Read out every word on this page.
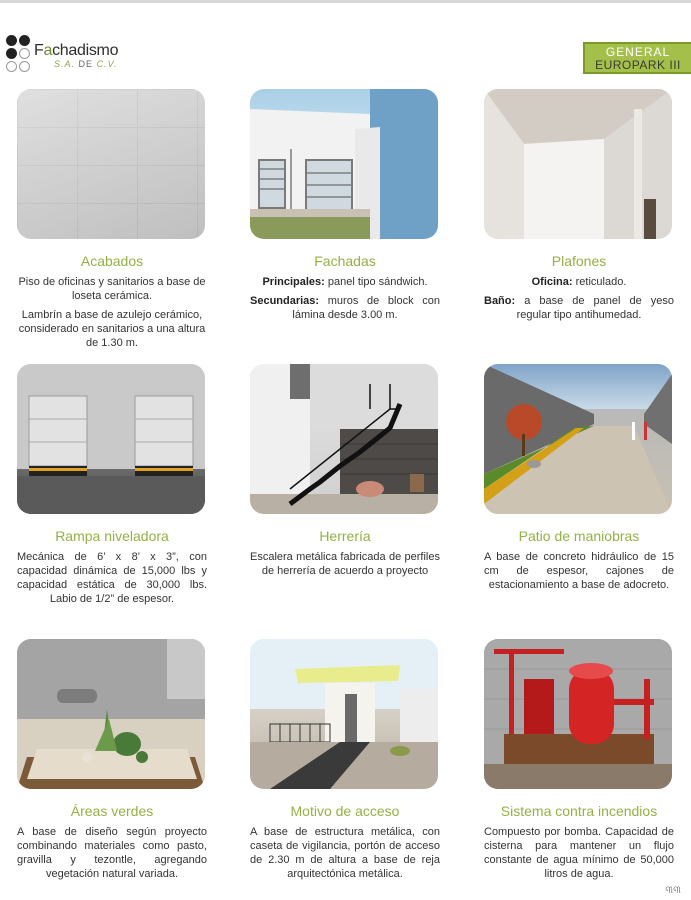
Fachadismo
S.A. DE C.V.
GENERAL
EUROPARK III
Acabados

Piso de oficinas y sanitarios a base de loseta cerámica.

Lambrín a base de azulejo cerámico, considerado en sanitarios a una altura de 1.30 m.

Fachadas

Principales: panel tipo sándwich.

Secundarias: muros de block con lámina desde 3.00 m.

Plafones

Oficina: reticulado.

Baño: a base de panel de yeso regular tipo antihumedad.

Rampa niveladora

Mecánica de 6’ x 8’ x 3”, con capacidad dinámica de 15,000 lbs y capacidad estática de 30,000 lbs. Labio de 1/2” de espesor.

Herrería

Escalera metálica fabricada de perfiles de herrería de acuerdo a proyecto

Patio de maniobras

A base de concreto hidráulico de 15 cm de espesor, cajones de estacionamiento a base de adocreto.

Áreas verdes

A base de diseño según proyecto combinando materiales como pasto, gravilla y tezontle, agregando vegetación natural variada.

Motivo de acceso

A base de estructura metálica, con caseta de vigilancia, portón de acceso de 2.30 m de altura a base de reja arquitectónica metálica.

Sistema contra incendios

Compuesto por bomba. Capacidad de cisterna para mantener un flujo constante de agua mínimo de 50,000 litros de agua.

୩୩
